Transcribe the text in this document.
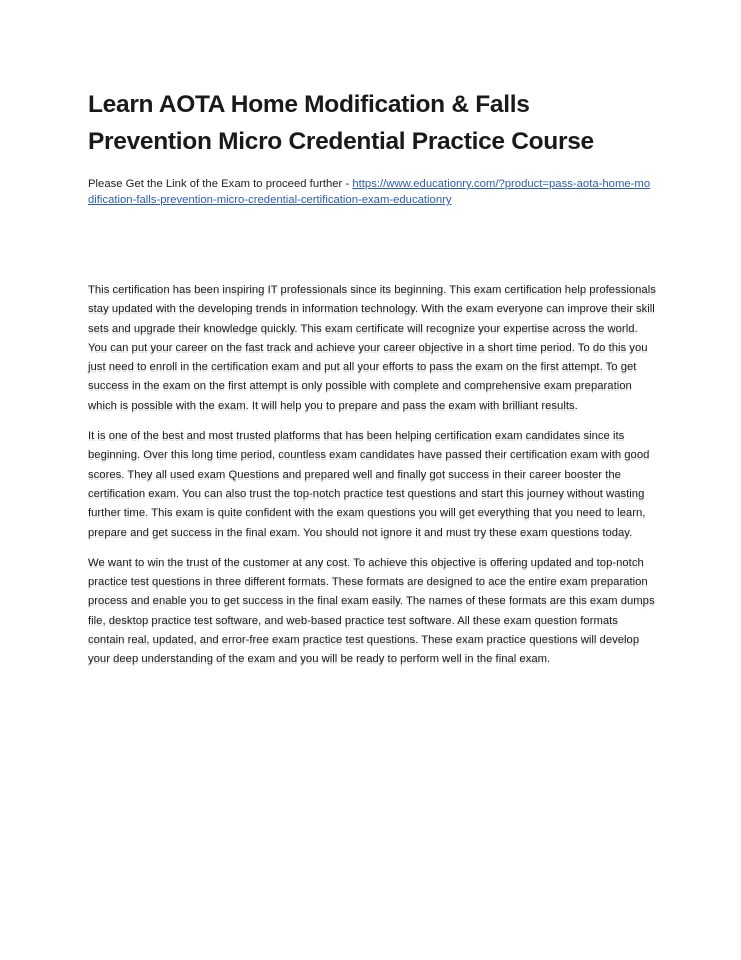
Learn AOTA Home Modification & Falls Prevention Micro Credential Practice Course
Please Get the Link of the Exam to proceed further - https://www.educationry.com/?product=pass-aota-home-modification-falls-prevention-micro-credential-certification-exam-educationry

This certification has been inspiring IT professionals since its beginning. This exam certification help professionals stay updated with the developing trends in information technology. With the exam everyone can improve their skill sets and upgrade their knowledge quickly. This exam certificate will recognize your expertise across the world. You can put your career on the fast track and achieve your career objective in a short time period. To do this you just need to enroll in the certification exam and put all your efforts to pass the exam on the first attempt. To get success in the exam on the first attempt is only possible with complete and comprehensive exam preparation which is possible with the exam. It will help you to prepare and pass the exam with brilliant results.

It is one of the best and most trusted platforms that has been helping certification exam candidates since its beginning. Over this long time period, countless exam candidates have passed their certification exam with good scores. They all used exam Questions and prepared well and finally got success in their career booster the certification exam. You can also trust the top-notch practice test questions and start this journey without wasting further time. This exam is quite confident with the exam questions you will get everything that you need to learn, prepare and get success in the final exam. You should not ignore it and must try these exam questions today.

We want to win the trust of the customer at any cost. To achieve this objective is offering updated and top-notch practice test questions in three different formats. These formats are designed to ace the entire exam preparation process and enable you to get success in the final exam easily. The names of these formats are this exam dumps file, desktop practice test software, and web-based practice test software. All these exam question formats contain real, updated, and error-free exam practice test questions. These exam practice questions will develop your deep understanding of the exam and you will be ready to perform well in the final exam.
